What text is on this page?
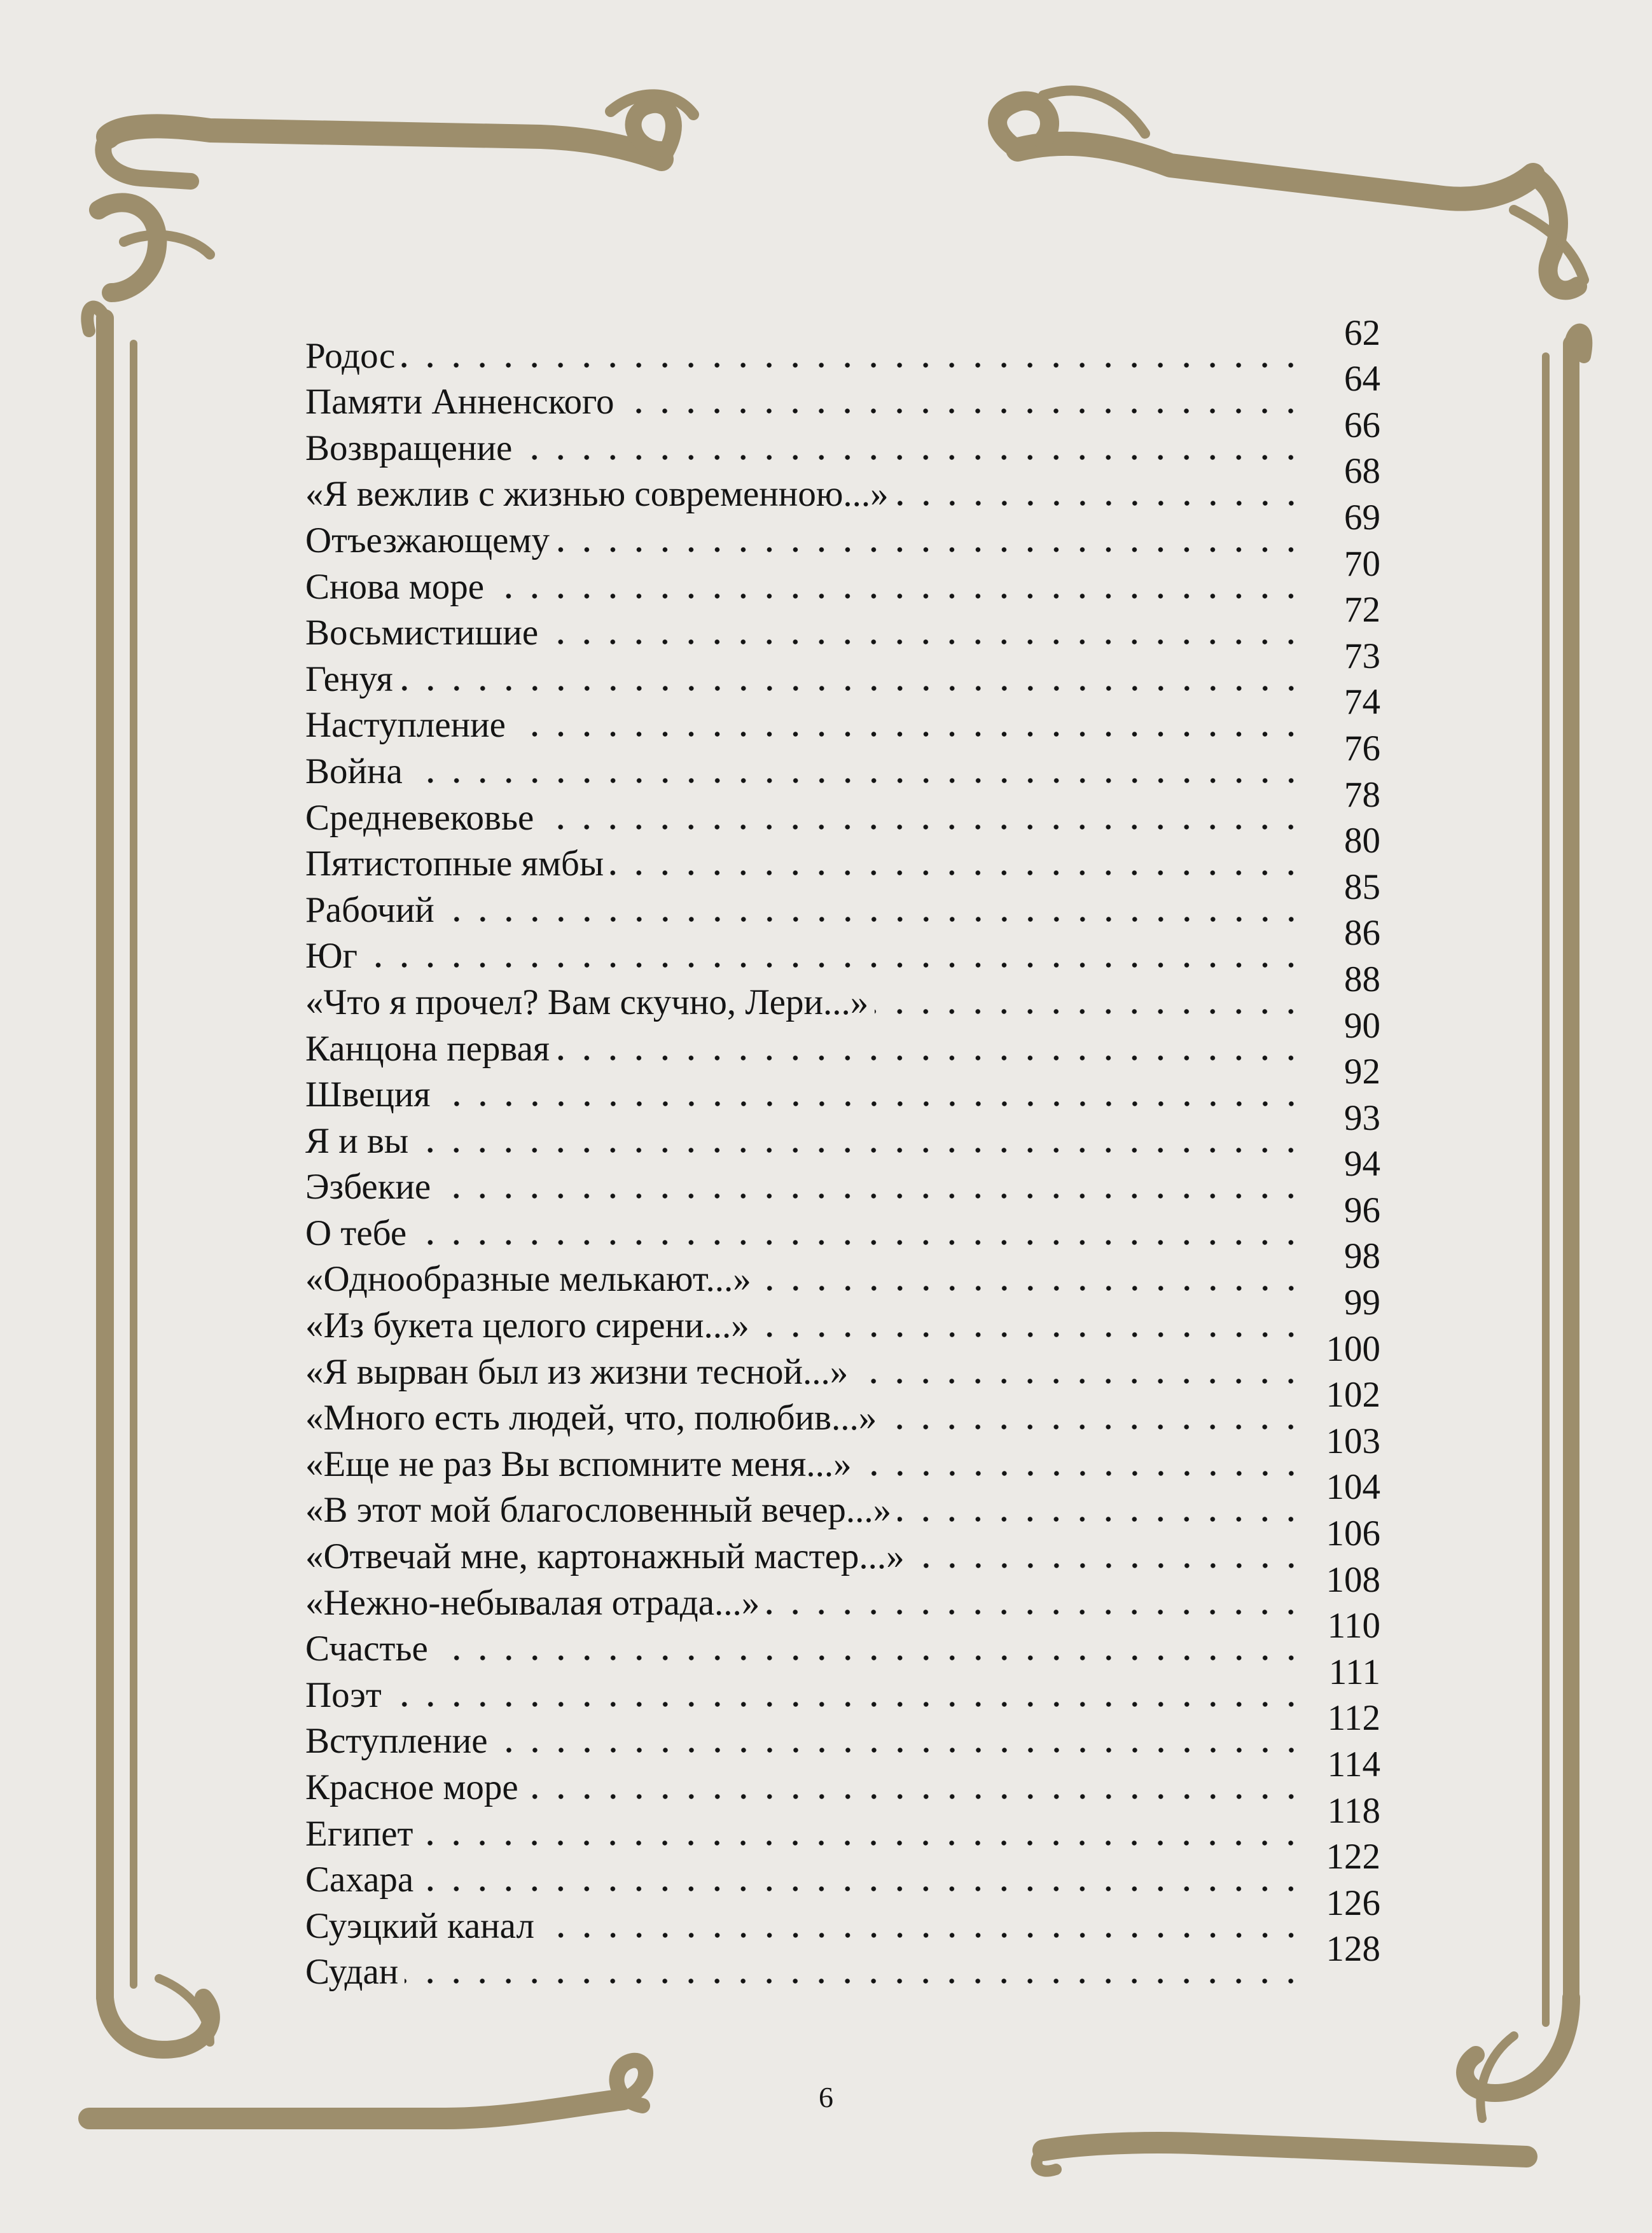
Родос
62
Памяти Анненского
64
Возвращение
66
«Я вежлив с жизнью современною...»
68
Отъезжающему
69
Снова море
70
Восьмистишие
72
Генуя
73
Наступление
74
Война
76
Средневековье
78
Пятистопные ямбы
80
Рабочий
85
Юг
86
«Что я прочел? Вам скучно, Лери...»
88
Канцона первая
90
Швеция
92
Я и вы
93
Эзбекие
94
О тебе
96
«Однообразные мелькают...»
98
«Из букета целого сирени...»
99
«Я вырван был из жизни тесной...»
100
«Много есть людей, что, полюбив...»
102
«Еще не раз Вы вспомните меня...»
103
«В этот мой благословенный вечер...»
104
«Отвечай мне, картонажный мастер...»
106
«Нежно-небывалая отрада...»
108
Счастье
110
Поэт
111
Вступление
112
Красное море
114
Египет
118
Сахара
122
Суэцкий канал
126
Судан
128
6
